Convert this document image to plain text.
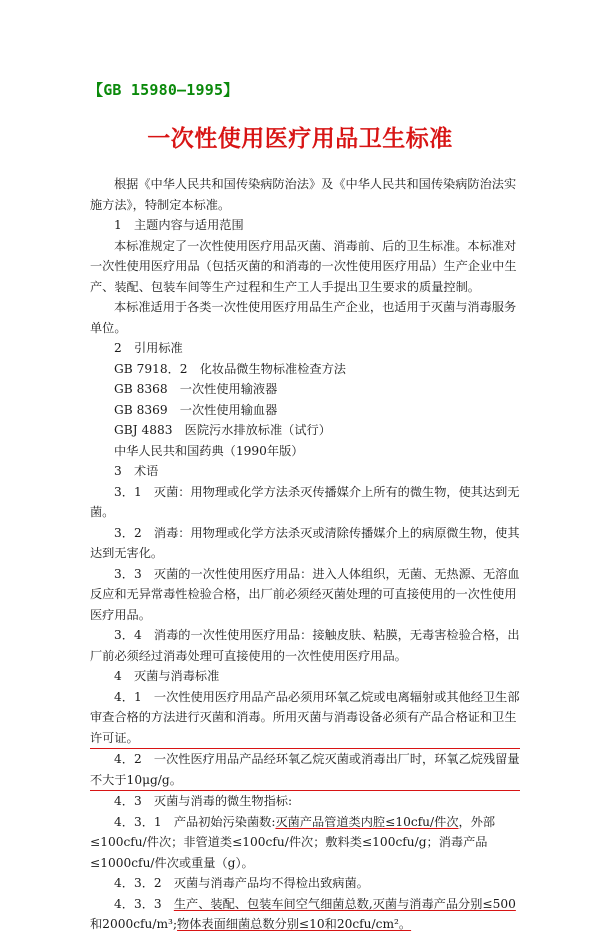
【GB 15980—1995】
一次性使用医疗用品卫生标准

根据《中华人民共和国传染病防治法》及《中华人民共和国传染病防治法实施方法》，特制定本标准。

1　主题内容与适用范围

本标准规定了一次性使用医疗用品灭菌、消毒前、后的卫生标准。本标准对一次性使用医疗用品（包括灭菌的和消毒的一次性使用医疗用品）生产企业中生产、装配、包装车间等生产过程和生产工人手提出卫生要求的质量控制。

本标准适用于各类一次性使用医疗用品生产企业，也适用于灭菌与消毒服务单位。

2　引用标准

GB 7918．2　化妆品微生物标准检查方法

GB 8368　一次性使用输液器

GB 8369　一次性使用输血器

GBJ 4883　医院污水排放标准（试行）

中华人民共和国药典（1990年版）

3　术语

3．1　灭菌：用物理或化学方法杀灭传播媒介上所有的微生物，使其达到无菌。

3．2　消毒：用物理或化学方法杀灭或清除传播媒介上的病原微生物，使其达到无害化。

3．3　灭菌的一次性使用医疗用品：进入人体组织，无菌、无热源、无溶血反应和无异常毒性检验合格，出厂前必须经灭菌处理的可直接使用的一次性使用医疗用品。

3．4　消毒的一次性使用医疗用品：接触皮肤、粘膜，无毒害检验合格，出厂前必须经过消毒处理可直接使用的一次性使用医疗用品。

4　灭菌与消毒标准

4．1　一次性使用医疗用品产品必须用环氧乙烷或电离辐射或其他经卫生部审查合格的方法进行灭菌和消毒。所用灭菌与消毒设备必须有产品合格证和卫生许可证。

4．2　一次性医疗用品产品经环氧乙烷灭菌或消毒出厂时，环氧乙烷残留量不大于10μg/g。

4．3　灭菌与消毒的微生物指标:

4．3．1　产品初始污染菌数:灭菌产品管道类内腔≤10cfu/件次，外部≤100cfu/件次；非管道类≤100cfu/件次；敷料类≤100cfu/g；消毒产品≤1000cfu/件次或重量（g）。

4．3．2　灭菌与消毒产品均不得检出致病菌。

4．3．3　生产、装配、包装车间空气细菌总数,灭菌与消毒产品分别≤500和2000cfu/m³;物体表面细菌总数分别≤10和20cfu/cm²。
